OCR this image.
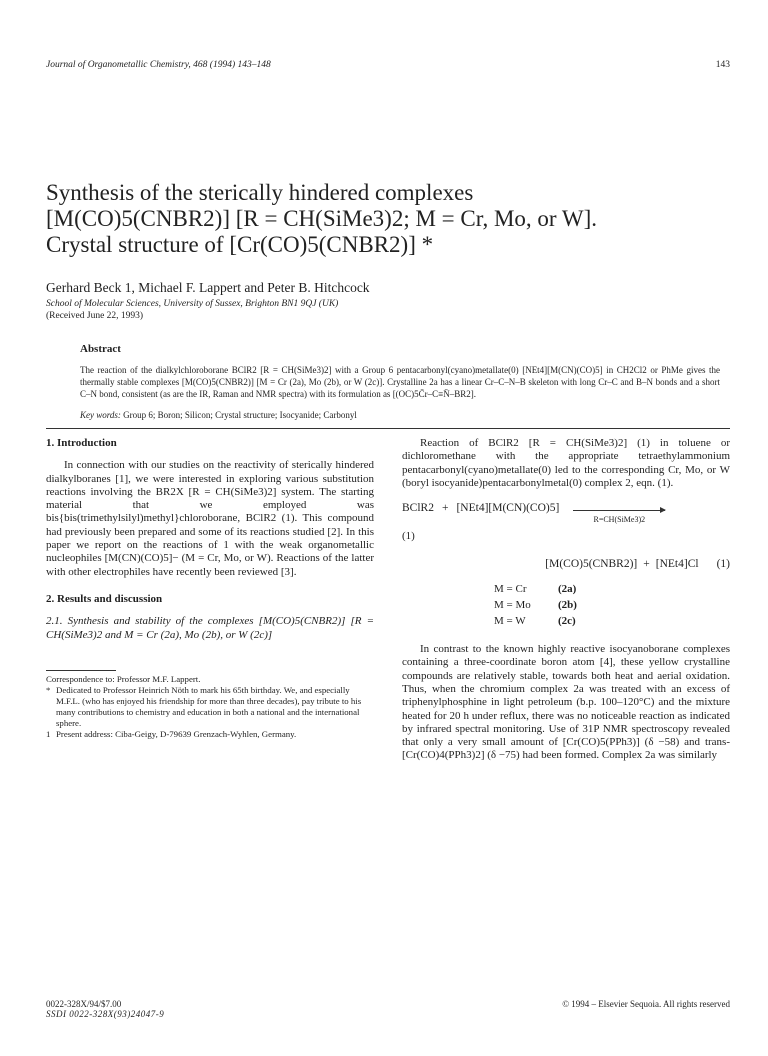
Journal of Organometallic Chemistry, 468 (1994) 143–148	143
Synthesis of the sterically hindered complexes
[M(CO)5(CNBR2)] [R = CH(SiMe3)2; M = Cr, Mo, or W].
Crystal structure of [Cr(CO)5(CNBR2)] *
Gerhard Beck 1, Michael F. Lappert and Peter B. Hitchcock
School of Molecular Sciences, University of Sussex, Brighton BN1 9QJ (UK)
(Received June 22, 1993)
Abstract

The reaction of the dialkylchloroborane BClR2 [R = CH(SiMe3)2] with a Group 6 pentacarbonyl(cyano)metallate(0) [NEt4][M(CN)(CO)5] in CH2Cl2 or PhMe gives the thermally stable complexes [M(CO)5(CNBR2)] [M = Cr (2a), Mo (2b), or W (2c)]. Crystalline 2a has a linear Cr–C–N–B skeleton with long Cr–C and B–N bonds and a short C–N bond, consistent (as are the IR, Raman and NMR spectra) with its formulation as [(OC)5C̄r–C≡N̄–BR2].

Key words: Group 6; Boron; Silicon; Crystal structure; Isocyanide; Carbonyl
1. Introduction

In connection with our studies on the reactivity of sterically hindered dialkylboranes [1], we were interested in exploring various substitution reactions involving the BR2X [R = CH(SiMe3)2] system. The starting material that we employed was bis{bis(trimethylsilyl)methyl}chloroborane, BClR2 (1). This compound had previously been prepared and some of its reactions studied [2]. In this paper we report on the reactions of 1 with the weak organometallic nucleophiles [M(CN)(CO)5]− (M = Cr, Mo, or W). Reactions of the latter with other electrophiles have recently been reviewed [3].

2. Results and discussion

2.1. Synthesis and stability of the complexes [M(CO)5(CNBR2)] [R = CH(SiMe3)2 and M = Cr (2a), Mo (2b), or W (2c)]

Correspondence to: Professor M.F. Lappert.

* Dedicated to Professor Heinrich Nöth to mark his 65th birthday. We, and especially M.F.L. (who has enjoyed his friendship for more than three decades), pay tribute to his many contributions to chemistry and education in both a national and the international sphere.
1 Present address: Ciba-Geigy, D-79639 Grenzach-Wyhlen, Germany.

Reaction of BClR2 [R = CH(SiMe3)2] (1) in toluene or dichloromethane with the appropriate tetraethylammonium pentacarbonyl(cyano)metallate(0) led to the corresponding Cr, Mo, or W (boryl isocyanide)pentacarbonylmetal(0) complex 2, eqn. (1).

BClR2 + [NEt4][M(CN)(CO)5]
R=CH(SiMe3)2
(1)
[M(CO)5(CNBR2)] + [NEt4]Cl (1)
M = Cr	(2a)
M = Mo	(2b)
M = W	(2c)

In contrast to the known highly reactive isocyanoborane complexes containing a three-coordinate boron atom [4], these yellow crystalline compounds are relatively stable, towards both heat and aerial oxidation. Thus, when the chromium complex 2a was treated with an excess of triphenylphosphine in light petroleum (b.p. 100–120°C) and the mixture heated for 20 h under reflux, there was no noticeable reaction as indicated by infrared spectral monitoring. Use of 31P NMR spectroscopy revealed that only a very small amount of [Cr(CO)5(PPh3)] (δ −58) and trans-[Cr(CO)4(PPh3)2] (δ −75) had been formed. Complex 2a was similarly

0022-328X/94/$7.00
SSDI 0022-328X(93)24047-9
© 1994 – Elsevier Sequoia. All rights reserved
